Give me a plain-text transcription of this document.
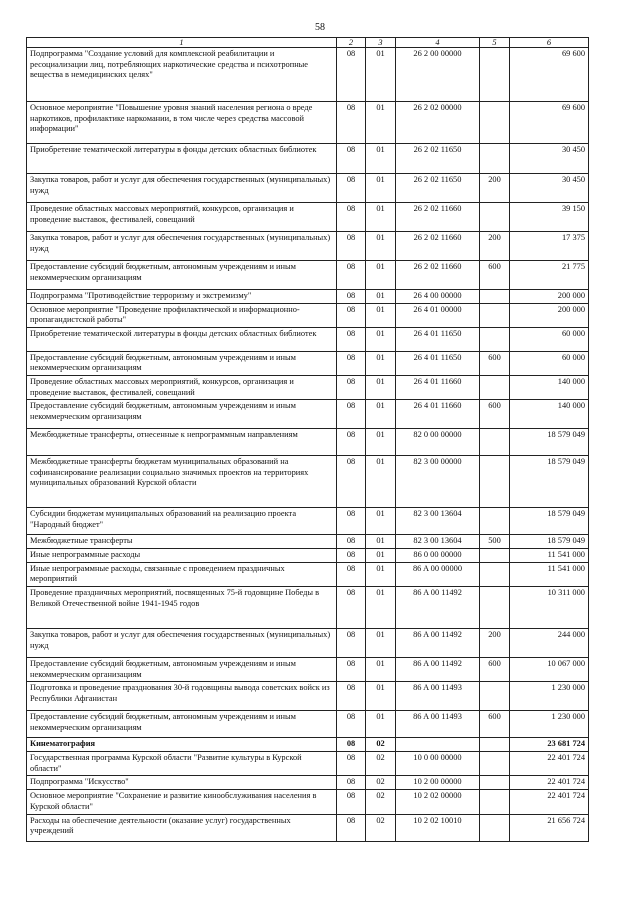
58
1	2	3	4	5	6
Подпрограмма "Создание условий для комплексной реабилитации и ресоциализации лиц, потребляющих наркотические средства и психотропные вещества в немедицинских целях"	08	01	26 2 00 00000		69 600
Основное мероприятие "Повышение уровня знаний населения региона о вреде наркотиков, профилактике наркомании, в том числе через средства массовой информации"	08	01	26 2 02 00000		69 600
Приобретение тематической литературы в фонды детских областных библиотек	08	01	26 2 02 11650		30 450
Закупка товаров, работ и услуг для обеспечения государственных (муниципальных) нужд	08	01	26 2 02 11650	200	30 450
Проведение областных массовых мероприятий, конкурсов, организация и проведение выставок, фестивалей, совещаний	08	01	26 2 02 11660		39 150
Закупка товаров, работ и услуг для обеспечения государственных (муниципальных) нужд	08	01	26 2 02 11660	200	17 375
Предоставление субсидий бюджетным, автономным учреждениям и иным некоммерческим организациям	08	01	26 2 02 11660	600	21 775
Подпрограмма "Противодействие терроризму и экстремизму"	08	01	26 4 00 00000		200 000
Основное мероприятие "Проведение профилактической и информационно-пропагандистской работы"	08	01	26 4 01 00000		200 000
Приобретение тематической литературы в фонды детских областных библиотек	08	01	26 4 01 11650		60 000
Предоставление субсидий бюджетным, автономным учреждениям и иным некоммерческим организациям	08	01	26 4 01 11650	600	60 000
Проведение областных массовых мероприятий, конкурсов, организация и проведение выставок, фестивалей, совещаний	08	01	26 4 01 11660		140 000
Предоставление субсидий бюджетным, автономным учреждениям и иным некоммерческим организациям	08	01	26 4 01 11660	600	140 000
Межбюджетные трансферты, отнесенные к непрограммным направлениям	08	01	82 0 00 00000		18 579 049
Межбюджетные трансферты бюджетам муниципальных образований на софинансирование реализации социально значимых проектов на территориях муниципальных образований Курской области	08	01	82 3 00 00000		18 579 049
Субсидии бюджетам муниципальных образований на реализацию проекта "Народный бюджет"	08	01	82 3 00 13604		18 579 049
Межбюджетные трансферты	08	01	82 3 00 13604	500	18 579 049
Иные непрограммные расходы	08	01	86 0 00 00000		11 541 000
Иные непрограммные расходы, связанные с проведением праздничных мероприятий	08	01	86 A 00 00000		11 541 000
Проведение праздничных мероприятий, посвященных 75-й годовщине Победы в Великой Отечественной войне 1941-1945 годов	08	01	86 A 00 11492		10 311 000
Закупка товаров, работ и услуг для обеспечения государственных (муниципальных) нужд	08	01	86 A 00 11492	200	244 000
Предоставление субсидий бюджетным, автономным учреждениям и иным некоммерческим организациям	08	01	86 A 00 11492	600	10 067 000
Подготовка и проведение празднования 30-й годовщины вывода советских войск из Республики Афганистан	08	01	86 A 00 11493		1 230 000
Предоставление субсидий бюджетным, автономным учреждениям и иным некоммерческим организациям	08	01	86 A 00 11493	600	1 230 000
Кинематография	08	02			23 681 724
Государственная программа Курской области "Развитие культуры в Курской области"	08	02	10 0 00 00000		22 401 724
Подпрограмма "Искусство"	08	02	10 2 00 00000		22 401 724
Основное мероприятие "Сохранение и развитие кинообслуживания населения в Курской области"	08	02	10 2 02 00000		22 401 724
Расходы на обеспечение деятельности (оказание услуг) государственных учреждений	08	02	10 2 02 10010		21 656 724
